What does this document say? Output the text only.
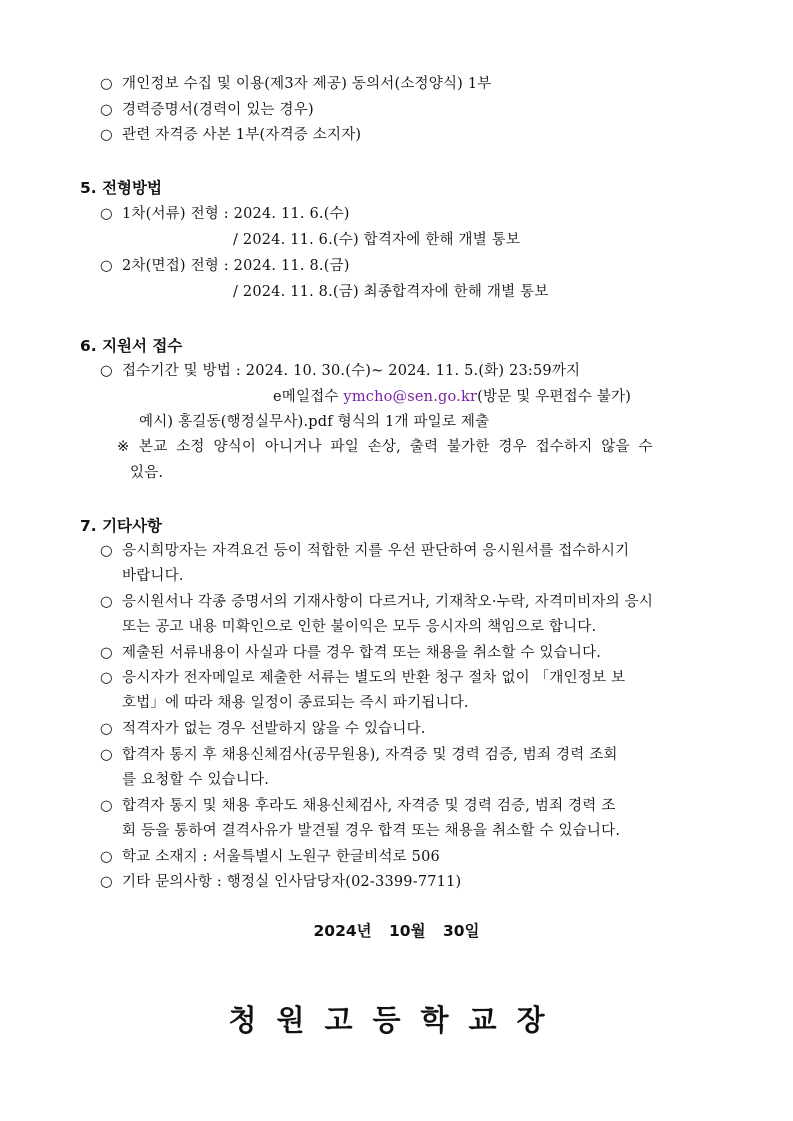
○ 개인정보 수집 및 이용(제3자 제공) 동의서(소정양식) 1부
○ 경력증명서(경력이 있는 경우)
○ 관련 자격증 사본 1부(자격증 소지자)
5. 전형방법
○ 1차(서류) 전형 : 2024. 11. 6.(수)
/ 2024. 11. 6.(수) 합격자에 한해 개별 통보
○ 2차(면접) 전형 : 2024. 11. 8.(금)
/ 2024. 11. 8.(금) 최종합격자에 한해 개별 통보
6. 지원서 접수
○ 접수기간 및 방법 : 2024. 10. 30.(수)~ 2024. 11. 5.(화) 23:59까지
e메일접수 ymcho@sen.go.kr(방문 및 우편접수 불가)
예시) 홍길동(행정실무사).pdf 형식의 1개 파일로 제출
※ 본교 소정 양식이 아니거나 파일 손상, 출력 불가한 경우 접수하지 않을 수
있음.
7. 기타사항
○ 응시희망자는 자격요건 등이 적합한 지를 우선 판단하여 응시원서를 접수하시기
바랍니다.
○ 응시원서나 각종 증명서의 기재사항이 다르거나, 기재착오·누락, 자격미비자의 응시
또는 공고 내용 미확인으로 인한 불이익은 모두 응시자의 책임으로 합니다.
○ 제출된 서류내용이 사실과 다를 경우 합격 또는 채용을 취소할 수 있습니다.
○ 응시자가 전자메일로 제출한 서류는 별도의 반환 청구 절차 없이 「개인정보 보
호법」에 따라 채용 일정이 종료되는 즉시 파기됩니다.
○ 적격자가 없는 경우 선발하지 않을 수 있습니다.
○ 합격자 통지 후 채용신체검사(공무원용), 자격증 및 경력 검증, 범죄 경력 조회
를 요청할 수 있습니다.
○ 합격자 통지 및 채용 후라도 채용신체검사, 자격증 및 경력 검증, 범죄 경력 조
회 등을 통하여 결격사유가 발견될 경우 합격 또는 채용을 취소할 수 있습니다.
○ 학교 소재지 : 서울특별시 노원구 한글비석로 506
○ 기타 문의사항 : 행정실 인사담당자(02-3399-7711)
2024년 10월 30일
청원고등학교장
